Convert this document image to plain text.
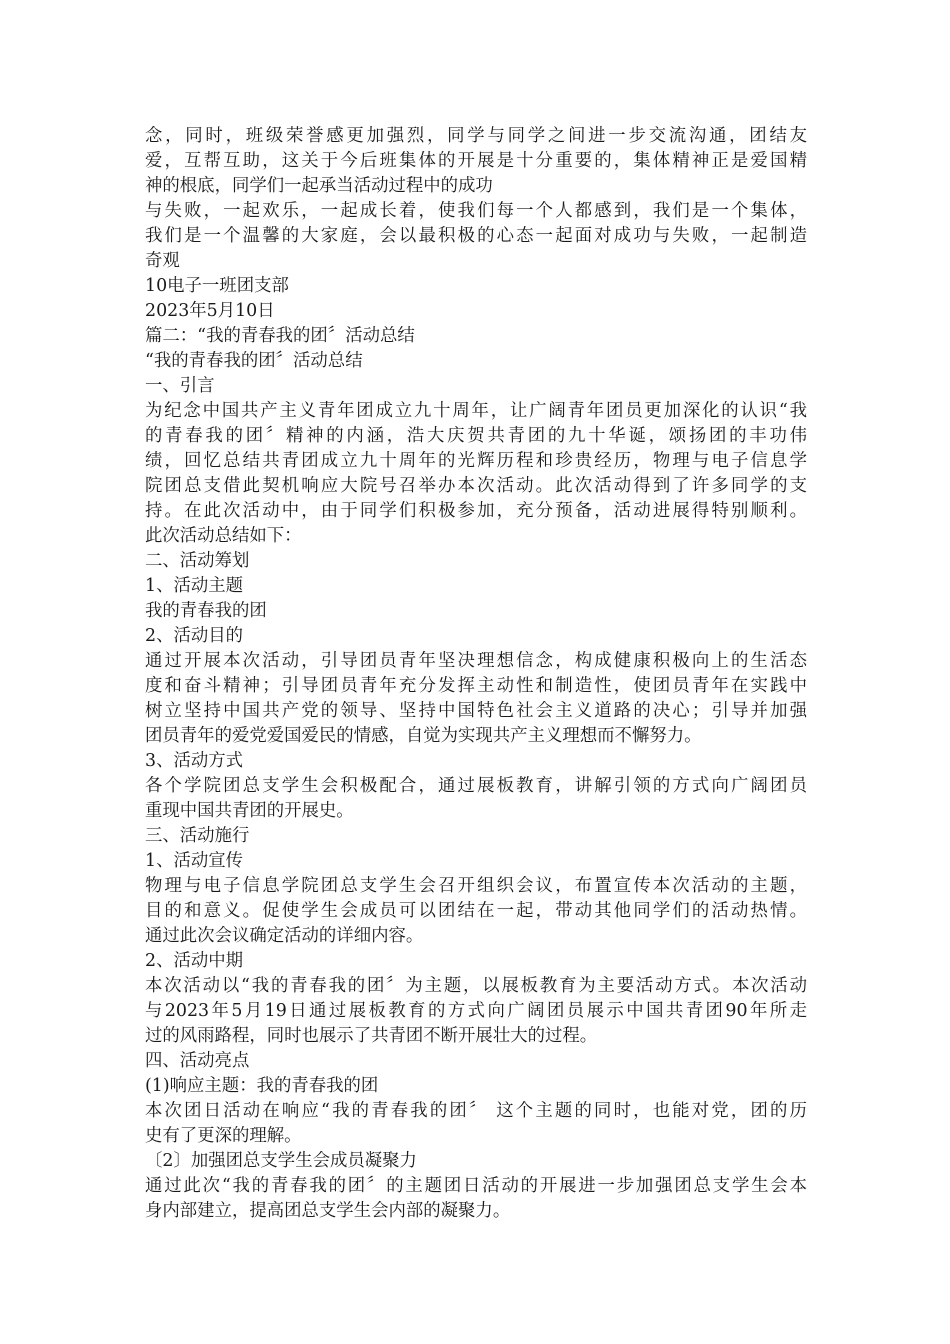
念，同时，班级荣誉感更加强烈，同学与同学之间进一步交流沟通，团结友
爱，互帮互助，这关于今后班集体的开展是十分重要的，集体精神正是爱国精
神的根底，同学们一起承当活动过程中的成功
与失败，一起欢乐，一起成长着，使我们每一个人都感到，我们是一个集体，
我们是一个温馨的大家庭，会以最积极的心态一起面对成功与失败，一起制造
奇观
10电子一班团支部
2023年5月10日
篇二：“我的青春我的团〞活动总结
“我的青春我的团〞活动总结
一、引言
为纪念中国共产主义青年团成立九十周年，让广阔青年团员更加深化的认识“我
的青春我的团〞精神的内涵，浩大庆贺共青团的九十华诞，颂扬团的丰功伟
绩，回忆总结共青团成立九十周年的光辉历程和珍贵经历，物理与电子信息学
院团总支借此契机响应大院号召举办本次活动。此次活动得到了许多同学的支
持。在此次活动中，由于同学们积极参加，充分预备，活动进展得特别顺利。
此次活动总结如下：
二、活动筹划
1、活动主题
我的青春我的团
2、活动目的
通过开展本次活动，引导团员青年坚决理想信念，构成健康积极向上的生活态
度和奋斗精神；引导团员青年充分发挥主动性和制造性，使团员青年在实践中
树立坚持中国共产党的领导、坚持中国特色社会主义道路的决心；引导并加强
团员青年的爱党爱国爱民的情感，自觉为实现共产主义理想而不懈努力。
3、活动方式
各个学院团总支学生会积极配合，通过展板教育，讲解引领的方式向广阔团员
重现中国共青团的开展史。
三、活动施行
1、活动宣传
物理与电子信息学院团总支学生会召开组织会议，布置宣传本次活动的主题，
目的和意义。促使学生会成员可以团结在一起，带动其他同学们的活动热情。
通过此次会议确定活动的详细内容。
2、活动中期
本次活动以“我的青春我的团〞为主题，以展板教育为主要活动方式。本次活动
与2023年5月19日通过展板教育的方式向广阔团员展示中国共青团90年所走
过的风雨路程，同时也展示了共青团不断开展壮大的过程。
四、活动亮点
(1)响应主题：我的青春我的团
本次团日活动在响应“我的青春我的团〞 这个主题的同时，也能对党，团的历
史有了更深的理解。
〔2〕加强团总支学生会成员凝聚力
通过此次“我的青春我的团〞的主题团日活动的开展进一步加强团总支学生会本
身内部建立，提高团总支学生会内部的凝聚力。
